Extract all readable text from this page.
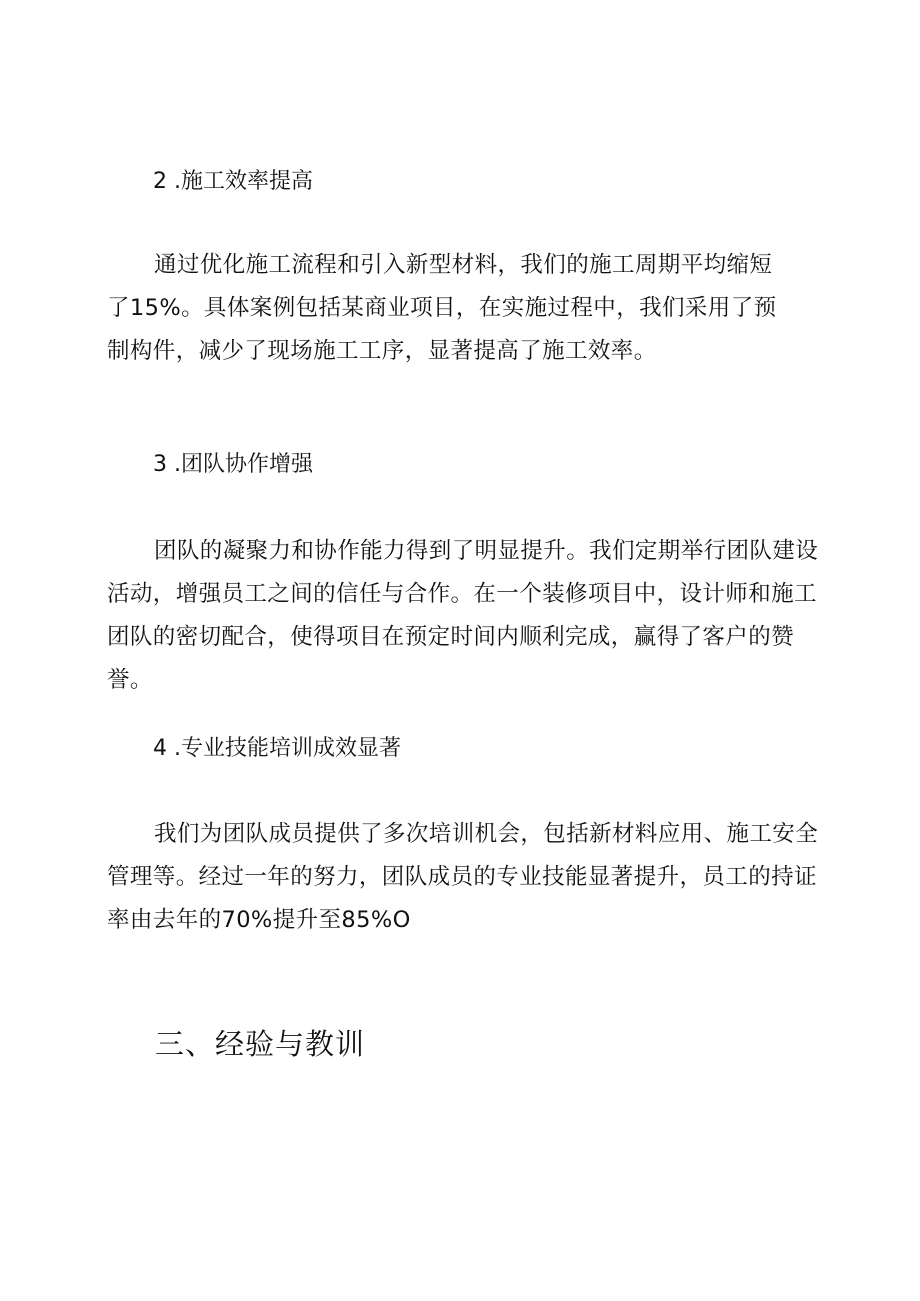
2 .施工效率提高

通过优化施工流程和引入新型材料，我们的施工周期平均缩短了15%。具体案例包括某商业项目，在实施过程中，我们采用了预制构件，减少了现场施工工序，显著提高了施工效率。

3 .团队协作增强

团队的凝聚力和协作能力得到了明显提升。我们定期举行团队建设活动，增强员工之间的信任与合作。在一个装修项目中，设计师和施工团队的密切配合，使得项目在预定时间内顺利完成，赢得了客户的赞誉。

4 .专业技能培训成效显著

我们为团队成员提供了多次培训机会，包括新材料应用、施工安全管理等。经过一年的努力，团队成员的专业技能显著提升，员工的持证率由去年的70%提升至85%O

三、经验与教训
